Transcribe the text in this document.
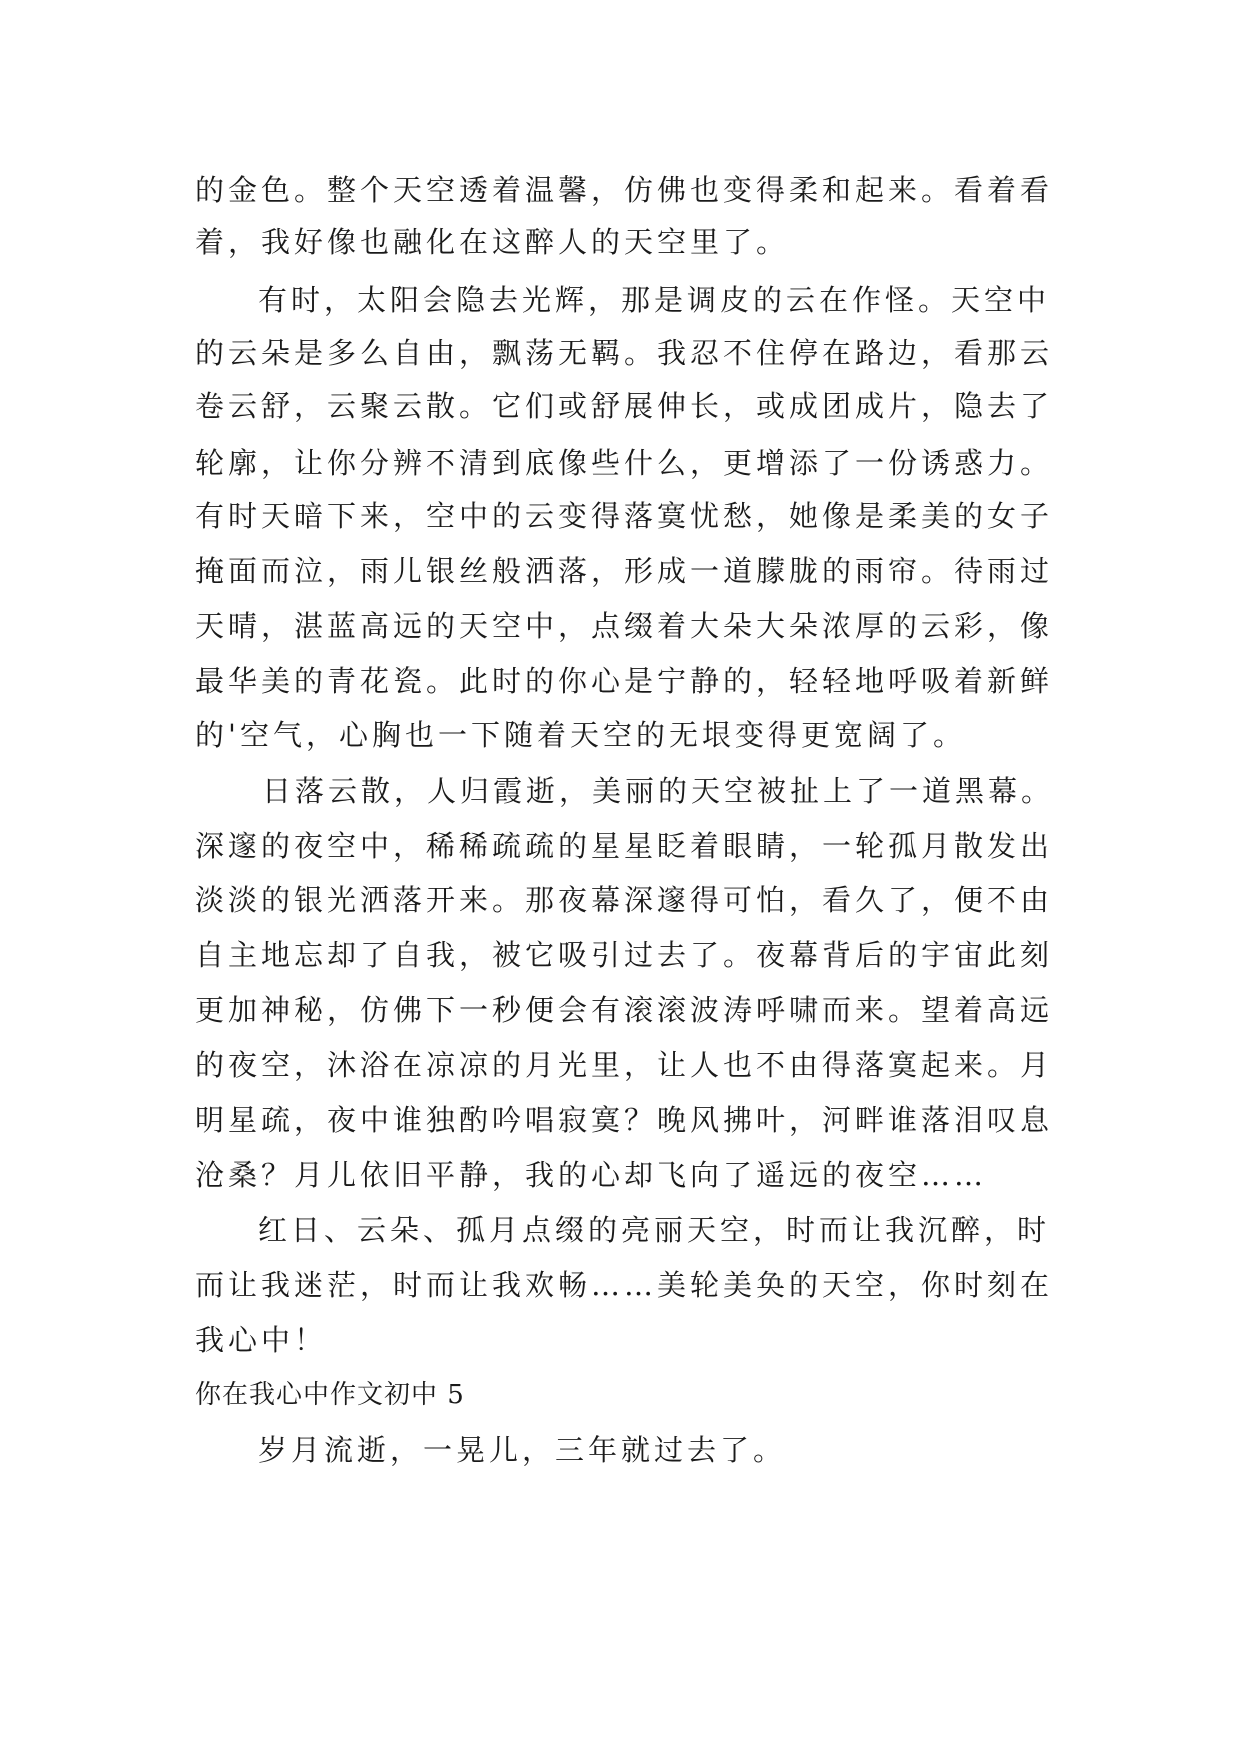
的金色。整个天空透着温馨，仿佛也变得柔和起来。看着看
着，我好像也融化在这醉人的天空里了。
有时，太阳会隐去光辉，那是调皮的云在作怪。天空中
的云朵是多么自由，飘荡无羁。我忍不住停在路边，看那云
卷云舒，云聚云散。它们或舒展伸长，或成团成片，隐去了
轮廓，让你分辨不清到底像些什么，更增添了一份诱惑力。
有时天暗下来，空中的云变得落寞忧愁，她像是柔美的女子
掩面而泣，雨儿银丝般洒落，形成一道朦胧的雨帘。待雨过
天晴，湛蓝高远的天空中，点缀着大朵大朵浓厚的云彩，像
最华美的青花瓷。此时的你心是宁静的，轻轻地呼吸着新鲜
的'空气，心胸也一下随着天空的无垠变得更宽阔了。
日落云散，人归霞逝，美丽的天空被扯上了一道黑幕。
深邃的夜空中，稀稀疏疏的星星眨着眼睛，一轮孤月散发出
淡淡的银光洒落开来。那夜幕深邃得可怕，看久了，便不由
自主地忘却了自我，被它吸引过去了。夜幕背后的宇宙此刻
更加神秘，仿佛下一秒便会有滚滚波涛呼啸而来。望着高远
的夜空，沐浴在凉凉的月光里，让人也不由得落寞起来。月
明星疏，夜中谁独酌吟唱寂寞？晚风拂叶，河畔谁落泪叹息
沧桑？月儿依旧平静，我的心却飞向了遥远的夜空……
红日、云朵、孤月点缀的亮丽天空，时而让我沉醉，时
而让我迷茫，时而让我欢畅……美轮美奂的天空，你时刻在
我心中！
你在我心中作文初中 5
岁月流逝，一晃儿，三年就过去了。
